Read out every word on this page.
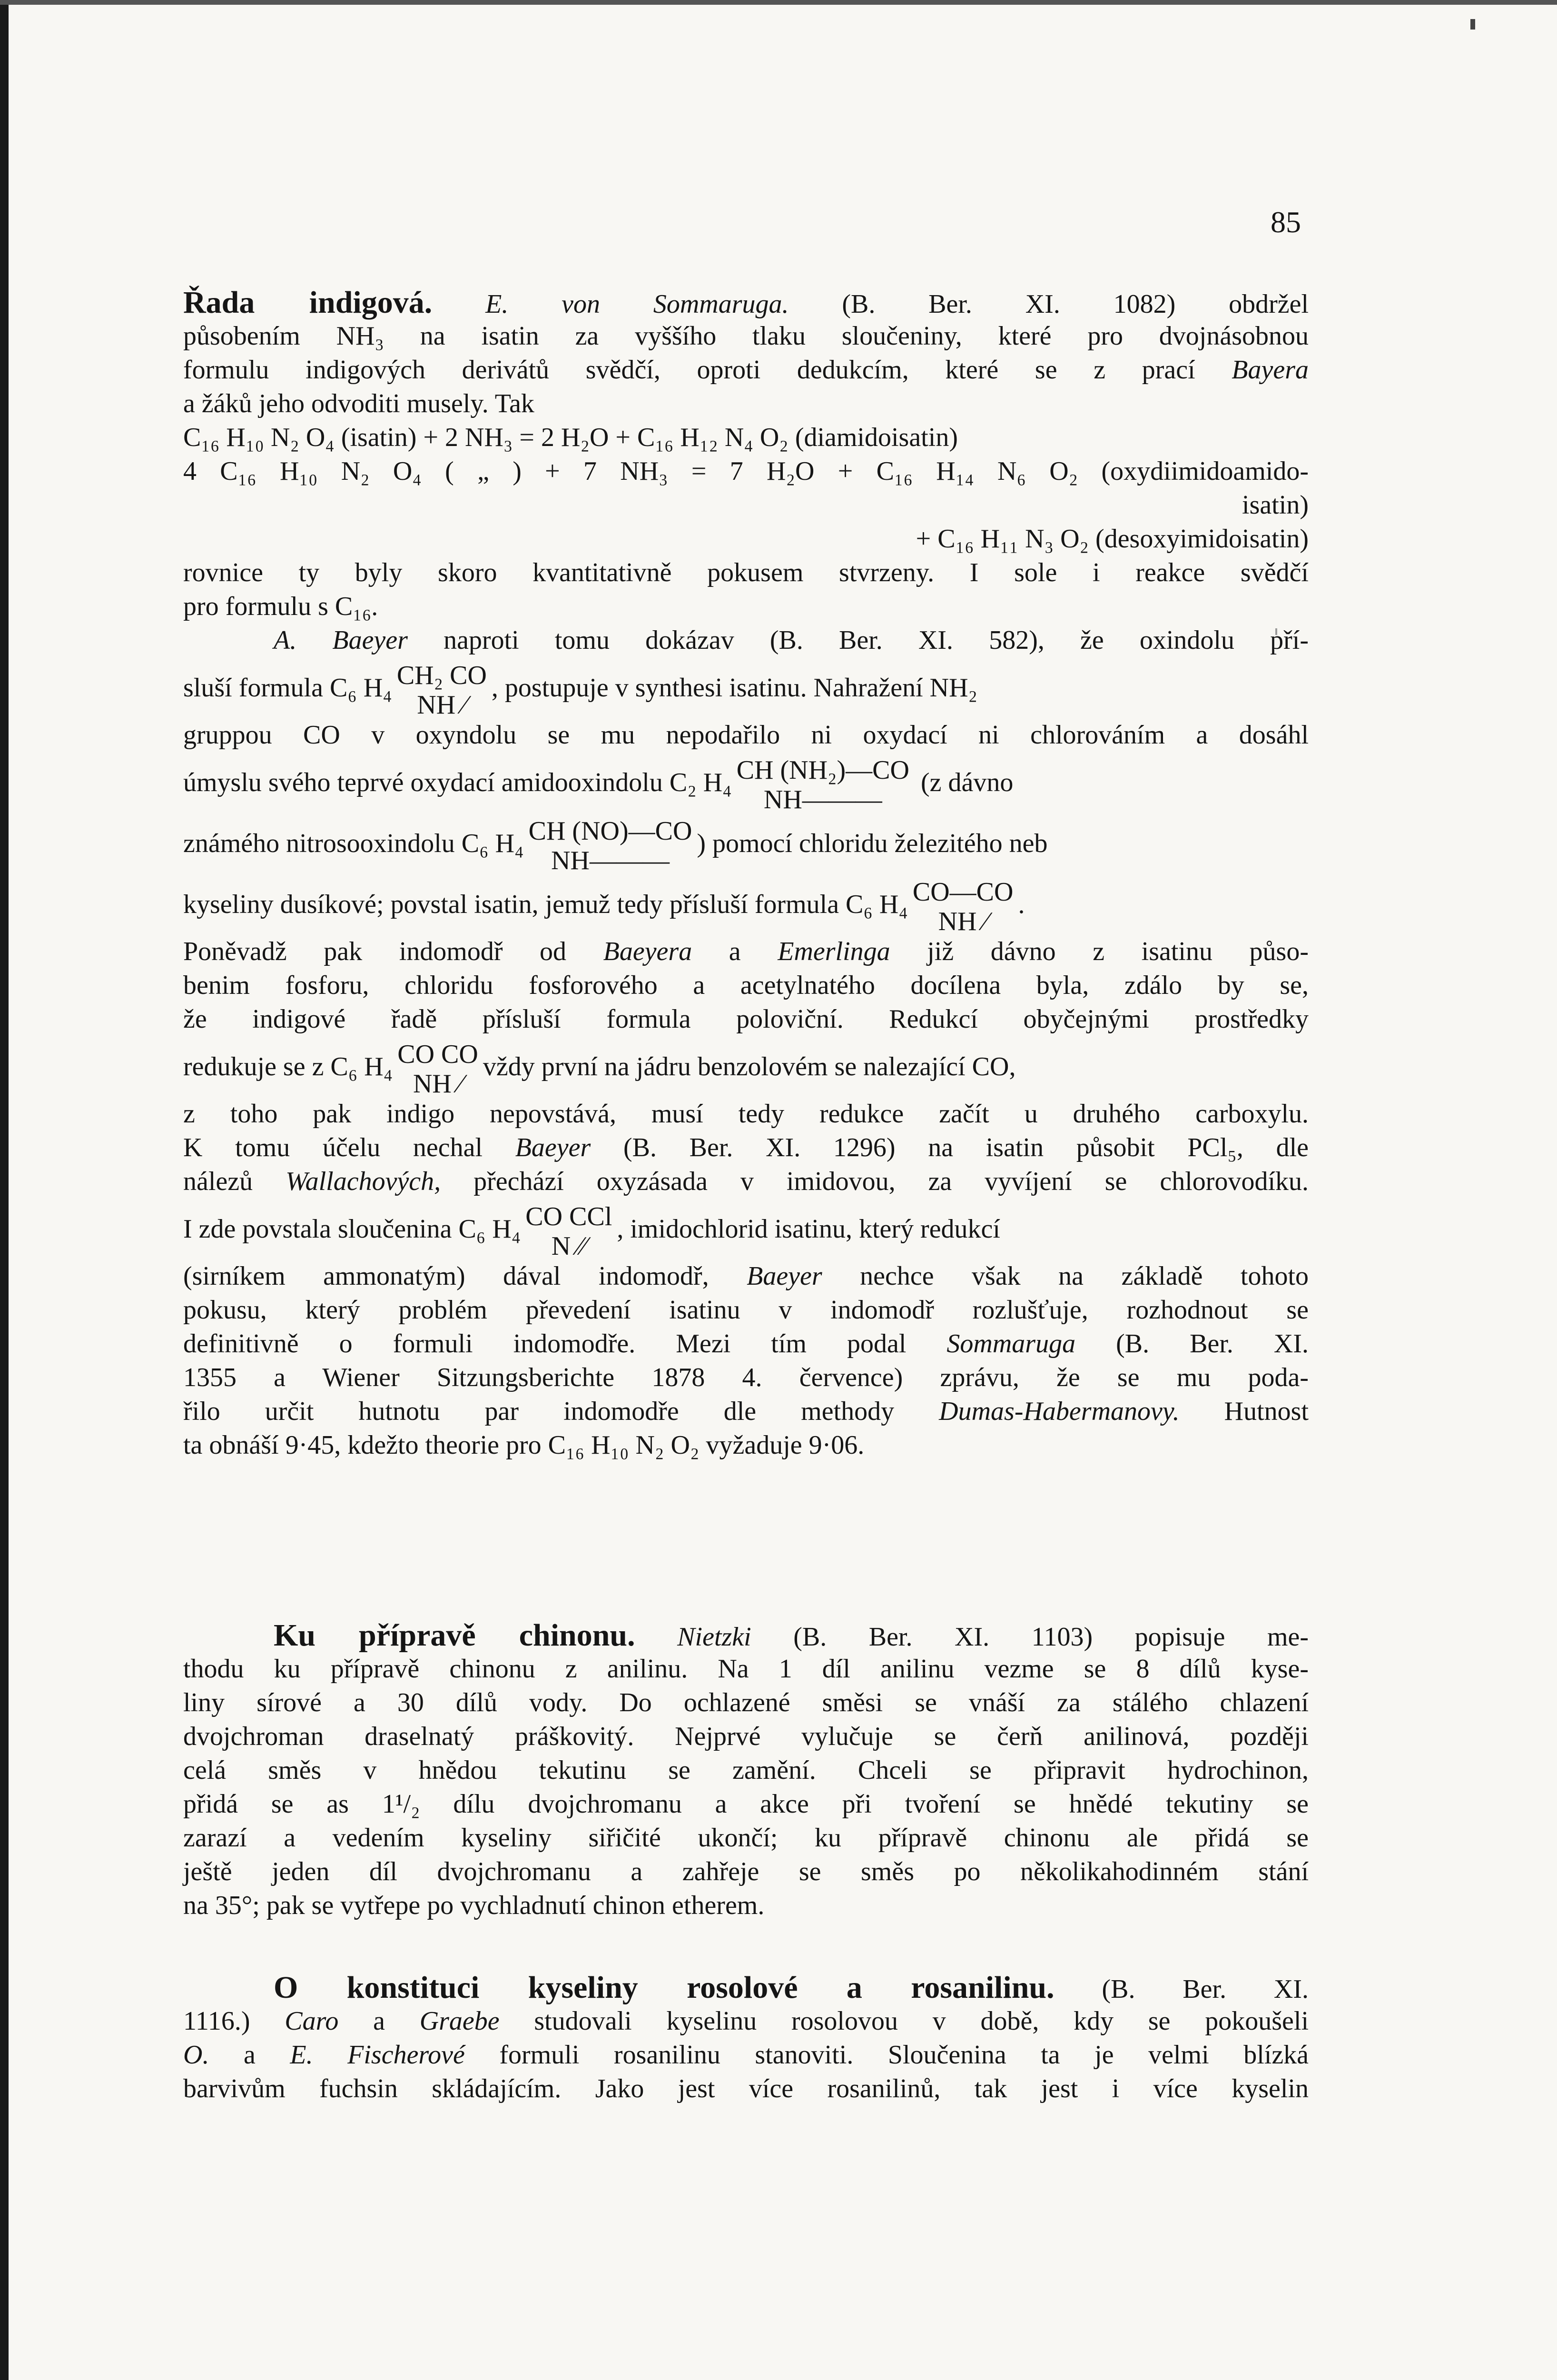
85
Řada indigová. E. von Sommaruga. (B. Ber. XI. 1082) obdržel
působením NH₃ na isatin za vyššího tlaku sloučeniny, které pro dvojnásobnou
formulu indigových derivátů svědčí, oproti dedukcím, které se z prací Bayera
a žáků jeho odvoditi musely. Tak
C₁₆ H₁₀ N₂ O₄ (isatin) + 2 NH₃ = 2 H₂O + C₁₆ H₁₂ N₄ O₂ (diamidoisatin)
4 C₁₆ H₁₀ N₂ O₄ ( „ ) + 7 NH₃ = 7 H₂O + C₁₆ H₁₄ N₆ O₂ (oxydiimidoamido-
isatin)
+ C₁₆ H₁₁ N₃ O₂ (desoxyimidoisatin)
rovnice ty byly skoro kvantitativně pokusem stvrzeny. I sole i reakce svědčí
pro formulu s C₁₆.
A. Baeyer naproti tomu dokázav (B. Ber. XI. 582), že oxindolu pří-
sluší formula C₆ H₄ CH₂ CO
NH ⁄
, postupuje v synthesi isatinu. Nahražení NH₂
gruppou CO v oxyndolu se mu nepodařilo ni oxydací ni chlorováním a dosáhl
úmyslu svého teprvé oxydací amidooxindolu C₂ H₄ CH (NH₂)—CO
NH———
(z dávno
známého nitrosooxindolu C₆ H₄ CH (NO)—CO
NH———
) pomocí chloridu železitého neb
kyseliny dusíkové; povstal isatin, jemuž tedy přísluší formula C₆ H₄ CO—CO
NH ⁄
.
Poněvadž pak indomodř od Baeyera a Emerlinga již dávno z isatinu půso-
benim fosforu, chloridu fosforového a acetylnatého docílena byla, zdálo by se,
že indigové řadě přísluší formula poloviční. Redukcí obyčejnými prostředky
redukuje se z C₆ H₄ CO CO
NH ⁄
vždy první na jádru benzolovém se nalezající CO,
z toho pak indigo nepovstává, musí tedy redukce začít u druhého carboxylu.
K tomu účelu nechal Baeyer (B. Ber. XI. 1296) na isatin působit PCl₅, dle
nálezů Wallachových, přechází oxyzásada v imidovou, za vyvíjení se chlorovodíku.
I zde povstala sloučenina C₆ H₄ CO CCl
N ⁄⁄
, imidochlorid isatinu, který redukcí
(sirníkem ammonatým) dával indomodř, Baeyer nechce však na základě tohoto
pokusu, který problém převedení isatinu v indomodř rozlušťuje, rozhodnout se
definitivně o formuli indomodře. Mezi tím podal Sommaruga (B. Ber. XI.
1355 a Wiener Sitzungsberichte 1878 4. července) zprávu, že se mu poda-
řilo určit hutnotu par indomodře dle methody Dumas-Habermanovy. Hutnost
ta obnáší 9·45, kdežto theorie pro C₁₆ H₁₀ N₂ O₂ vyžaduje 9·06.
Ku přípravě chinonu. Nietzki (B. Ber. XI. 1103) popisuje me-
thodu ku přípravě chinonu z anilinu. Na 1 díl anilinu vezme se 8 dílů kyse-
liny sírové a 30 dílů vody. Do ochlazené směsi se vnáší za stálého chlazení
dvojchroman draselnatý práškovitý. Nejprvé vylučuje se čerň anilinová, později
celá směs v hnědou tekutinu se zamění. Chceli se připravit hydrochinon,
přidá se as 1¹/₂ dílu dvojchromanu a akce při tvoření se hnědé tekutiny se
zarazí a vedením kyseliny siřičité ukončí; ku přípravě chinonu ale přidá se
ještě jeden díl dvojchromanu a zahřeje se směs po několikahodinném stání
na 35°; pak se vytřepe po vychladnutí chinon etherem.
O konstituci kyseliny rosolové a rosanilinu. (B. Ber. XI.
1116.) Caro a Graebe studovali kyselinu rosolovou v době, kdy se pokoušeli
O. a E. Fischerové formuli rosanilinu stanoviti. Sloučenina ta je velmi blízká
barvivům fuchsin skládajícím. Jako jest více rosanilinů, tak jest i více kyselin
